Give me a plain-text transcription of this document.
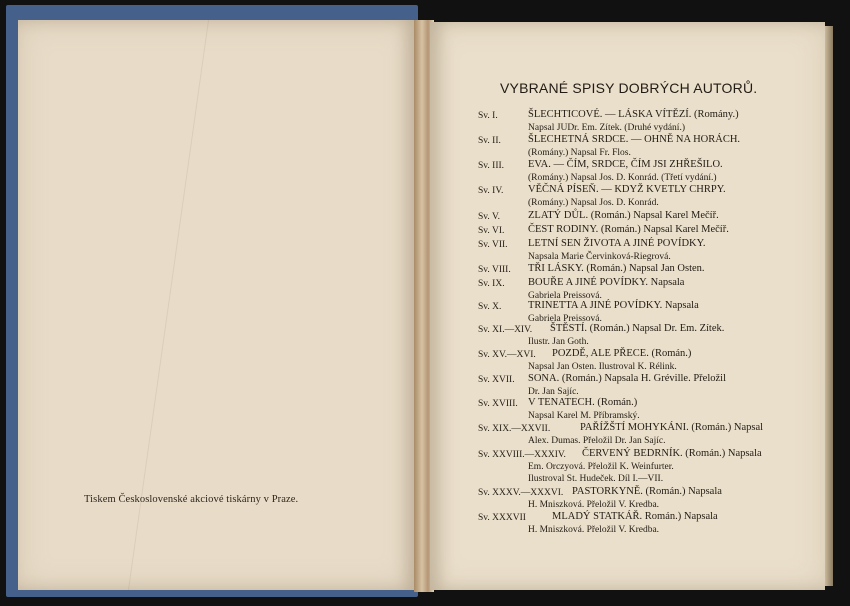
Tiskem Československé akciové tiskárny v Praze.
VYBRANÉ SPISY DOBRÝCH AUTORŮ.
Sv. I.	ŠLECHTICOVÉ. — LÁSKA VÍTĚZÍ. (Romány.)
Napsal JUDr. Em. Zítek. (Druhé vydání.)
Sv. II.	ŠLECHETNÁ SRDCE. — OHNĚ NA HORÁCH.
(Romány.) Napsal Fr. Flos.
Sv. III. EVA. — ČÍM, SRDCE, ČÍM JSI ZHŘEŠILO.
(Romány.) Napsal Jos. D. Konrád. (Třetí vydání.)
Sv. IV. VĚČNÁ PÍSEŇ. — KDYŽ KVETLY CHRPY.
(Romány.) Napsal Jos. D. Konrád.
Sv. V.	ZLATÝ DŮL. (Román.) Napsal Karel Mečíř.
Sv. VI. ČEST RODINY. (Román.) Napsal Karel Mečíř.
Sv. VII. LETNÍ SEN ŽIVOTA A JINÉ POVÍDKY.
Napsala Marie Červinková-Riegrová.
Sv. VIII. TŘI LÁSKY. (Román.) Napsal Jan Osten.
Sv. IX. BOUŘE A JINÉ POVÍDKY. Napsala
Gabriela Preissová.
Sv. X.	TRINETTA A JINÉ POVÍDKY. Napsala
Gabriela Preissová.
Sv. XI.—XIV. ŠTĚSTÍ. (Román.) Napsal Dr. Em. Zítek.
Ilustr. Jan Goth.
Sv. XV.—XVI. POZDĚ, ALE PŘECE. (Román.)
Napsal Jan Osten. Ilustroval K. Rélink.
Sv. XVII. SONA. (Román.) Napsala H. Gréville. Přeložil
Dr. Jan Sajíc.
Sv. XVIII. V TENATECH. (Román.)
Napsal Karel M. Příbramský.
Sv. XIX.—XXVII.	PAŘÍŽŠTÍ MOHYKÁNI. (Román.) Napsal
Alex. Dumas. Přeložil Dr. Jan Sajíc.
Sv. XXVIII.—XXXIV. ČERVENÝ BEDRNÍK. (Román.) Napsala
Em. Orczyová. Přeložil K. Weinfurter.
Ilustroval St. Hudeček. Díl I.—VII.
Sv. XXXV.—XXXVI. PASTORKYNĚ. (Román.) Napsala
H. Mniszková. Přeložil V. Kredba.
Sv. XXXVII MLADÝ STATKÁŘ. Román.) Napsala
H. Mniszková. Přeložil V. Kredba.
